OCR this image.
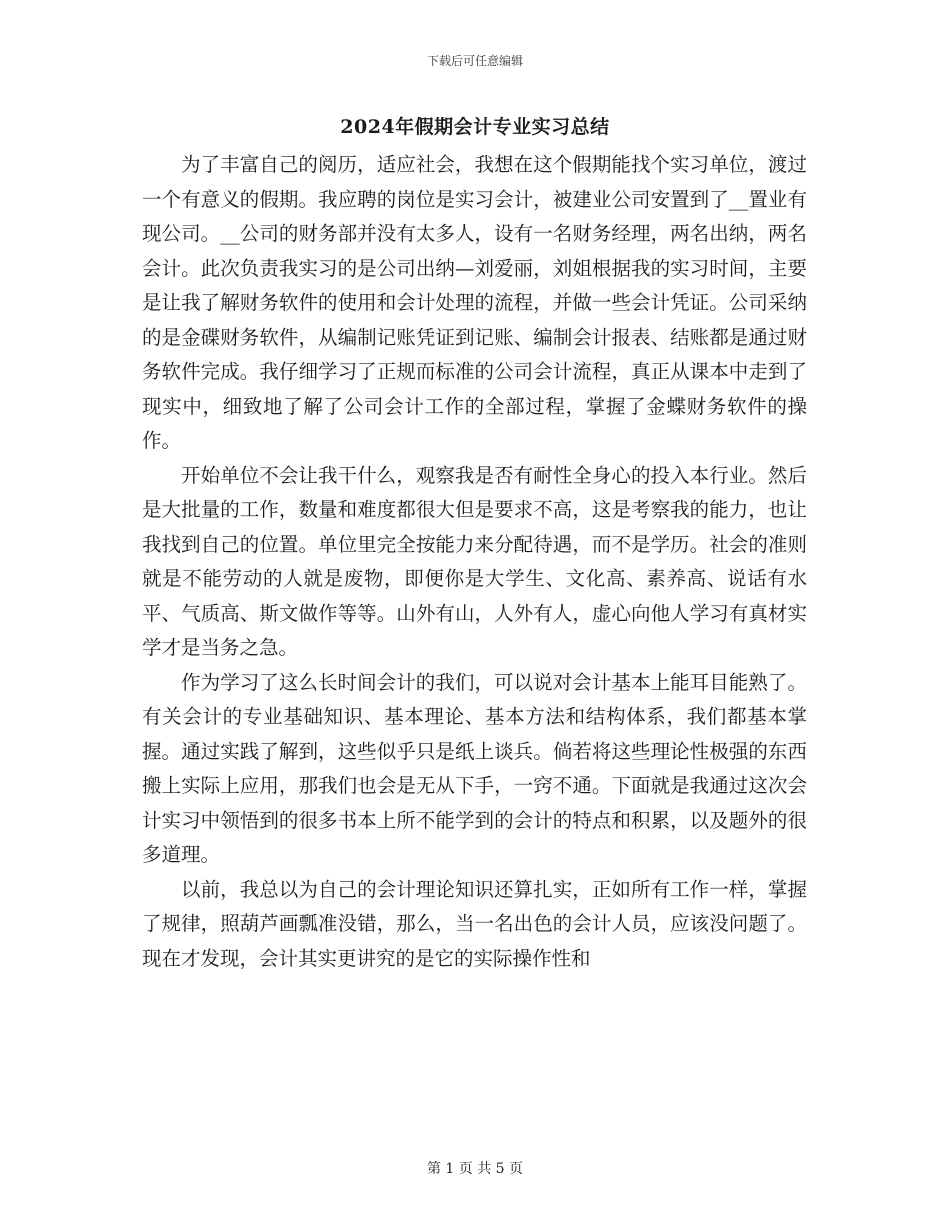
下载后可任意编辑
2024年假期会计专业实习总结

为了丰富自己的阅历，适应社会，我想在这个假期能找个实习单位，渡过一个有意义的假期。我应聘的岗位是实习会计，被建业公司安置到了__置业有现公司。__公司的财务部并没有太多人，设有一名财务经理，两名出纳，两名会计。此次负责我实习的是公司出纳—刘爱丽，刘姐根据我的实习时间，主要是让我了解财务软件的使用和会计处理的流程，并做一些会计凭证。公司采纳的是金碟财务软件，从编制记账凭证到记账、编制会计报表、结账都是通过财务软件完成。我仔细学习了正规而标准的公司会计流程，真正从课本中走到了现实中，细致地了解了公司会计工作的全部过程，掌握了金蝶财务软件的操作。

开始单位不会让我干什么，观察我是否有耐性全身心的投入本行业。然后是大批量的工作，数量和难度都很大但是要求不高，这是考察我的能力，也让我找到自己的位置。单位里完全按能力来分配待遇，而不是学历。社会的准则就是不能劳动的人就是废物，即便你是大学生、文化高、素养高、说话有水平、气质高、斯文做作等等。山外有山，人外有人，虚心向他人学习有真材实学才是当务之急。

作为学习了这么长时间会计的我们，可以说对会计基本上能耳目能熟了。有关会计的专业基础知识、基本理论、基本方法和结构体系，我们都基本掌握。通过实践了解到，这些似乎只是纸上谈兵。倘若将这些理论性极强的东西搬上实际上应用，那我们也会是无从下手，一窍不通。下面就是我通过这次会计实习中领悟到的很多书本上所不能学到的会计的特点和积累，以及题外的很多道理。

以前，我总以为自己的会计理论知识还算扎实，正如所有工作一样，掌握了规律，照葫芦画瓢准没错，那么，当一名出色的会计人员，应该没问题了。现在才发现，会计其实更讲究的是它的实际操作性和

第 1 页 共 5 页
